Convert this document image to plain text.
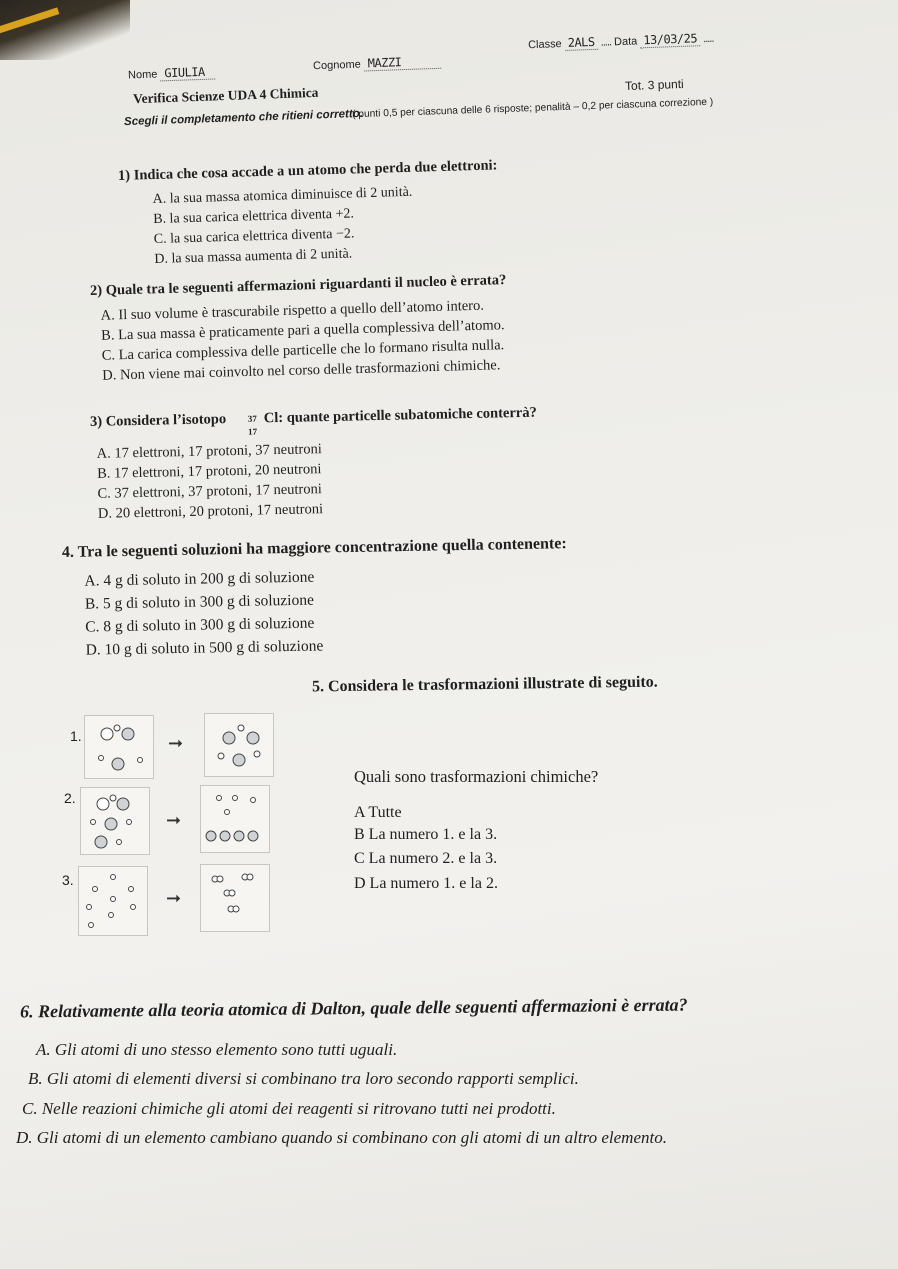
Classe 2ALS ..... Data 13/03/25 .....
Nome GIULIA	Cognome MAZZI
Verifica Scienze UDA 4 Chimica	Tot. 3 punti
Scegli il completamento che ritieni corretto.
( punti 0,5 per ciascuna delle 6 risposte; penalità – 0,2 per ciascuna correzione )
1) Indica che cosa accade a un atomo che perda due elettroni:
A. la sua massa atomica diminuisce di 2 unità.
B. la sua carica elettrica diventa +2.
C. la sua carica elettrica diventa −2.
D. la sua massa aumenta di 2 unità.
2) Quale tra le seguenti affermazioni riguardanti il nucleo è errata?
A. Il suo volume è trascurabile rispetto a quello dell’atomo intero.
B. La sua massa è praticamente pari a quella complessiva dell’atomo.
C. La carica complessiva delle particelle che lo formano risulta nulla.
D. Non viene mai coinvolto nel corso delle trasformazioni chimiche.
3) Considera l’isotopo 37
17
Cl: quante particelle subatomiche conterrà?
A. 17 elettroni, 17 protoni, 37 neutroni
B. 17 elettroni, 17 protoni, 20 neutroni
C. 37 elettroni, 37 protoni, 17 neutroni
D. 20 elettroni, 20 protoni, 17 neutroni
4. Tra le seguenti soluzioni ha maggiore concentrazione quella contenente:
A. 4 g di soluto in 200 g di soluzione
B. 5 g di soluto in 300 g di soluzione
C. 8 g di soluto in 300 g di soluzione
D. 10 g di soluto in 500 g di soluzione
5. Considera le trasformazioni illustrate di seguito.
1.
2.
3.
➞
➞
➞
Quali sono trasformazioni chimiche?
A Tutte
B La numero 1. e la 3.
C La numero 2. e la 3.
D La numero 1. e la 2.
6. Relativamente alla teoria atomica di Dalton, quale delle seguenti affermazioni è errata?
A. Gli atomi di uno stesso elemento sono tutti uguali.
B. Gli atomi di elementi diversi si combinano tra loro secondo rapporti semplici.
C. Nelle reazioni chimiche gli atomi dei reagenti si ritrovano tutti nei prodotti.
D. Gli atomi di un elemento cambiano quando si combinano con gli atomi di un altro elemento.
